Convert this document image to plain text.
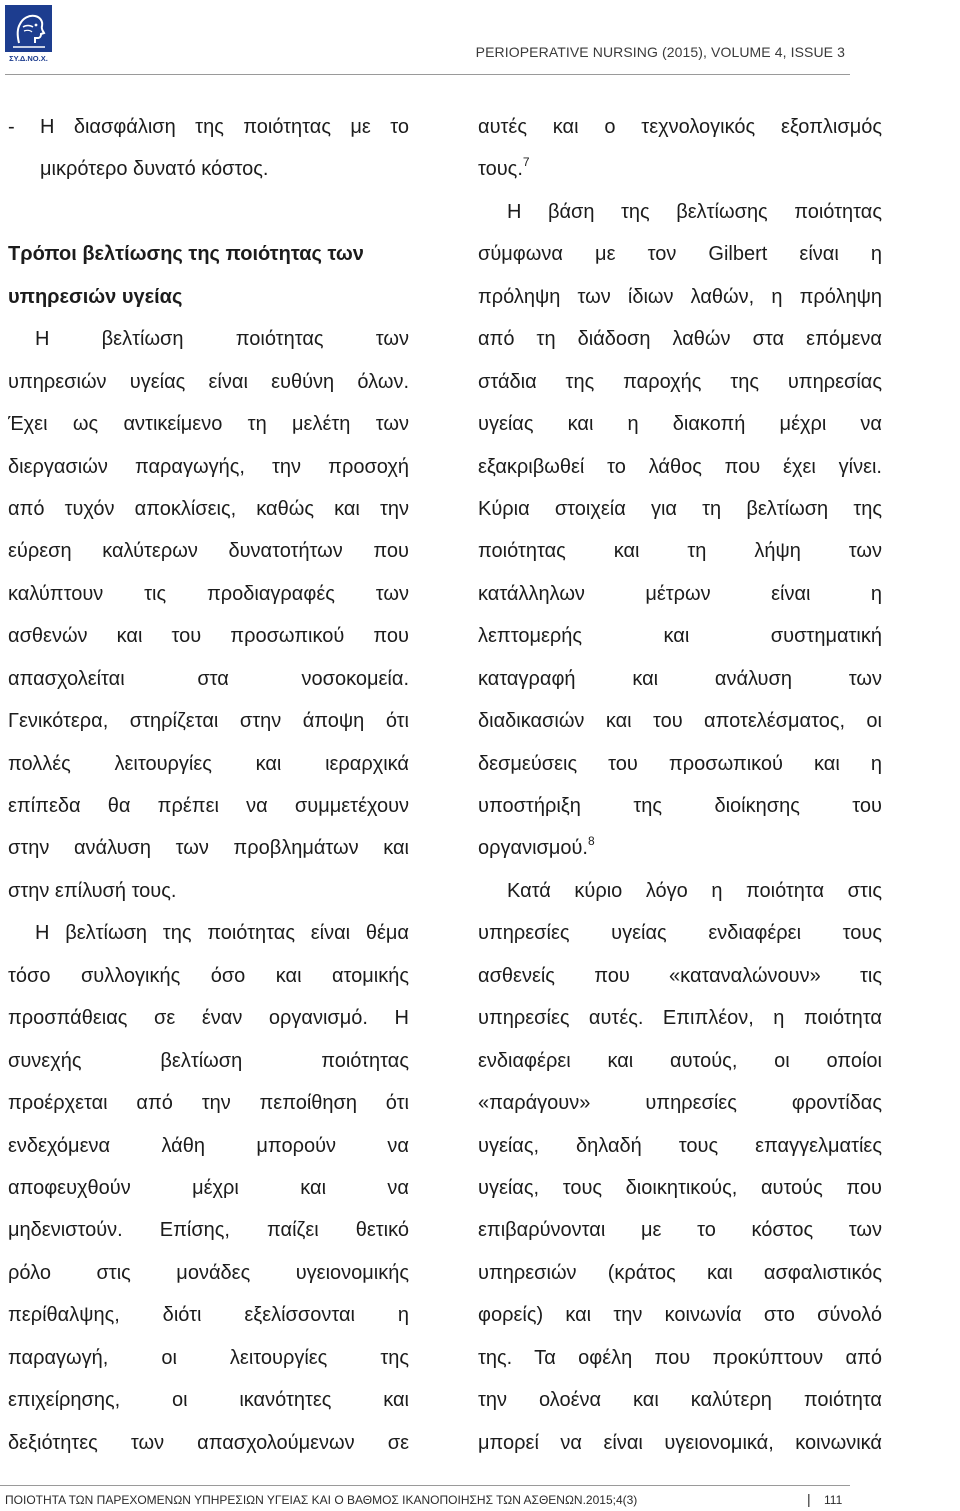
ΣΥ.Δ.ΝΟ.Χ.	PERIOPERATIVE NURSING (2015), VOLUME 4, ISSUE 3
- Η διασφάλιση της ποιότητας με το
μικρότερο δυνατό κόστος.
Τρόποι βελτίωσης της ποιότητας των
υπηρεσιών υγείας
Η βελτίωση ποιότητας των
υπηρεσιών υγείας είναι ευθύνη όλων.
Έχει ως αντικείμενο τη μελέτη των
διεργασιών παραγωγής, την προσοχή
από τυχόν αποκλίσεις, καθώς και την
εύρεση καλύτερων δυνατοτήτων που
καλύπτουν τις προδιαγραφές των
ασθενών και του προσωπικού που
απασχολείται στα νοσοκομεία.
Γενικότερα, στηρίζεται στην άποψη ότι
πολλές λειτουργίες και ιεραρχικά
επίπεδα θα πρέπει να συμμετέχουν
στην ανάλυση των προβλημάτων και
στην επίλυσή τους.
Η βελτίωση της ποιότητας είναι θέμα
τόσο συλλογικής όσο και ατομικής
προσπάθειας σε έναν οργανισμό. Η
συνεχής βελτίωση ποιότητας
προέρχεται από την πεποίθηση ότι
ενδεχόμενα λάθη μπορούν να
αποφευχθούν μέχρι και να
μηδενιστούν. Επίσης, παίζει θετικό
ρόλο στις μονάδες υγειονομικής
περίθαλψης, διότι εξελίσσονται η
παραγωγή, οι λειτουργίες της
επιχείρησης, οι ικανότητες και
δεξιότητες των απασχολούμενων σε
αυτές και ο τεχνολογικός εξοπλισμός
τους.$^7$
Η βάση της βελτίωσης ποιότητας
σύμφωνα με τον Gilbert είναι η
πρόληψη των ίδιων λαθών, η πρόληψη
από τη διάδοση λαθών στα επόμενα
στάδια της παροχής της υπηρεσίας
υγείας και η διακοπή μέχρι να
εξακριβωθεί το λάθος που έχει γίνει.
Κύρια στοιχεία για τη βελτίωση της
ποιότητας και τη λήψη των
κατάλληλων μέτρων είναι η
λεπτομερής και συστηματική
καταγραφή και ανάλυση των
διαδικασιών και του αποτελέσματος, οι
δεσμεύσεις του προσωπικού και η
υποστήριξη της διοίκησης του
οργανισμού.$^8$
Κατά κύριο λόγο η ποιότητα στις
υπηρεσίες υγείας ενδιαφέρει τους
ασθενείς που «καταναλώνουν» τις
υπηρεσίες αυτές. Επιπλέον, η ποιότητα
ενδιαφέρει και αυτούς, οι οποίοι
«παράγουν» υπηρεσίες φροντίδας
υγείας, δηλαδή τους επαγγελματίες
υγείας, τους διοικητικούς, αυτούς που
επιβαρύνονται με το κόστος των
υπηρεσιών (κράτος και ασφαλιστικός
φορείς) και την κοινωνία στο σύνολό
της. Τα οφέλη που προκύπτουν από
την ολοένα και καλύτερη ποιότητα
μπορεί να είναι υγειονομικά, κοινωνικά
ΠΟΙΟΤΗΤΑ ΤΩΝ ΠΑΡΕΧΟΜΕΝΩΝ ΥΠΗΡΕΣΙΩΝ ΥΓΕΙΑΣ ΚΑΙ Ο ΒΑΘΜΟΣ ΙΚΑΝΟΠΟΙΗΣΗΣ ΤΩΝ ΑΣΘΕΝΩΝ.2015;4(3)	| 111
